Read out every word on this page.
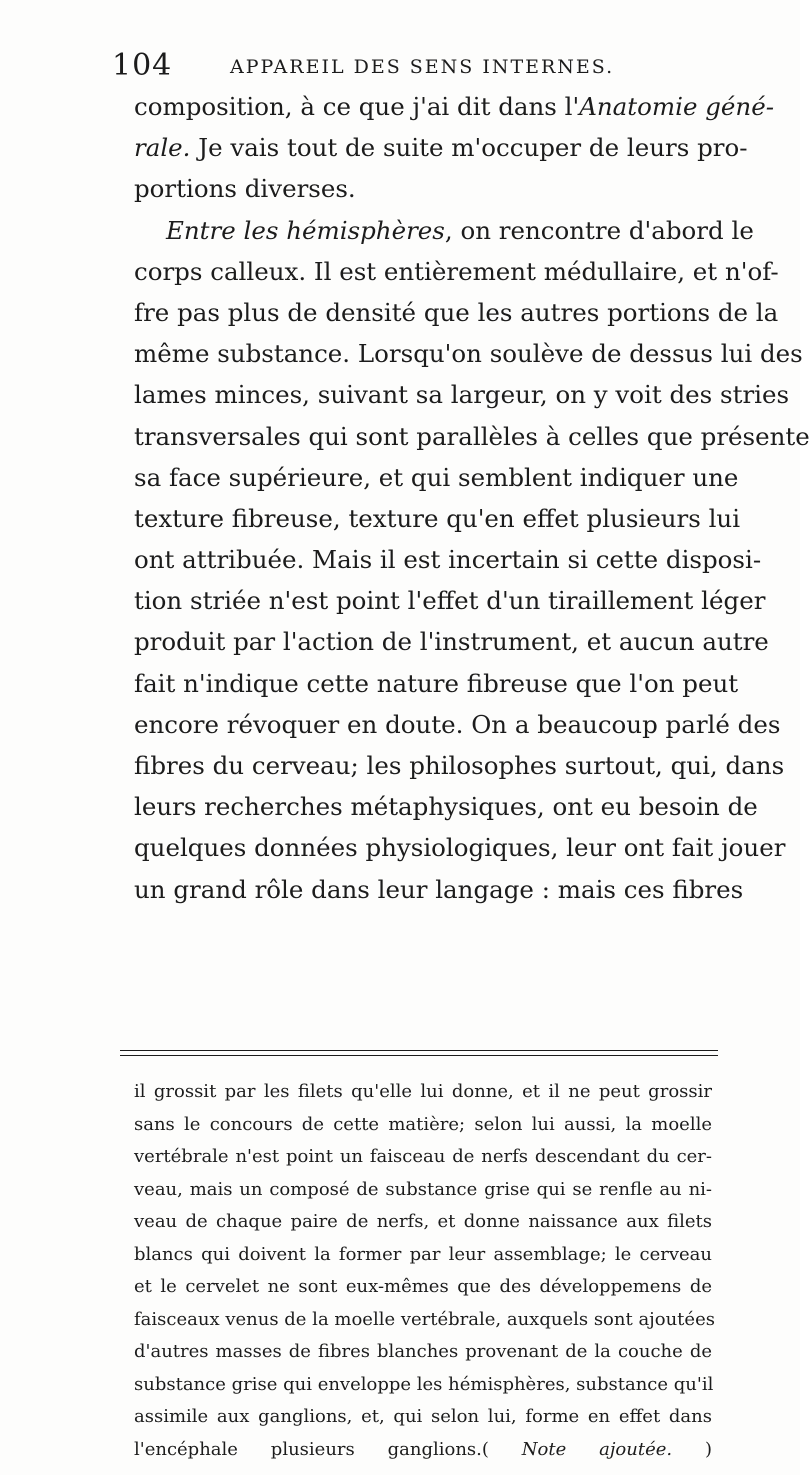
104	APPAREIL DES SENS INTERNES.
composition, à ce que j'ai dit dans l'Anatomie géné-
rale. Je vais tout de suite m'occuper de leurs pro-
portions diverses.
Entre les hémisphères, on rencontre d'abord le
corps calleux. Il est entièrement médullaire, et n'of-
fre pas plus de densité que les autres portions de la
même substance. Lorsqu'on soulève de dessus lui des
lames minces, suivant sa largeur, on y voit des stries
transversales qui sont parallèles à celles que présente
sa face supérieure, et qui semblent indiquer une
texture fibreuse, texture qu'en effet plusieurs lui
ont attribuée. Mais il est incertain si cette disposi-
tion striée n'est point l'effet d'un tiraillement léger
produit par l'action de l'instrument, et aucun autre
fait n'indique cette nature fibreuse que l'on peut
encore révoquer en doute. On a beaucoup parlé des
fibres du cerveau; les philosophes surtout, qui, dans
leurs recherches métaphysiques, ont eu besoin de
quelques données physiologiques, leur ont fait jouer
un grand rôle dans leur langage : mais ces fibres
il grossit par les filets qu'elle lui donne, et il ne peut grossir
sans le concours de cette matière; selon lui aussi, la moelle
vertébrale n'est point un faisceau de nerfs descendant du cer-
veau, mais un composé de substance grise qui se renfle au ni-
veau de chaque paire de nerfs, et donne naissance aux filets
blancs qui doivent la former par leur assemblage; le cerveau
et le cervelet ne sont eux-mêmes que des développemens de
faisceaux venus de la moelle vertébrale, auxquels sont ajoutées
d'autres masses de fibres blanches provenant de la couche de
substance grise qui enveloppe les hémisphères, substance qu'il
assimile aux ganglions, et, qui selon lui, forme en effet dans
l'encéphale plusieurs ganglions.( Note ajoutée. )
